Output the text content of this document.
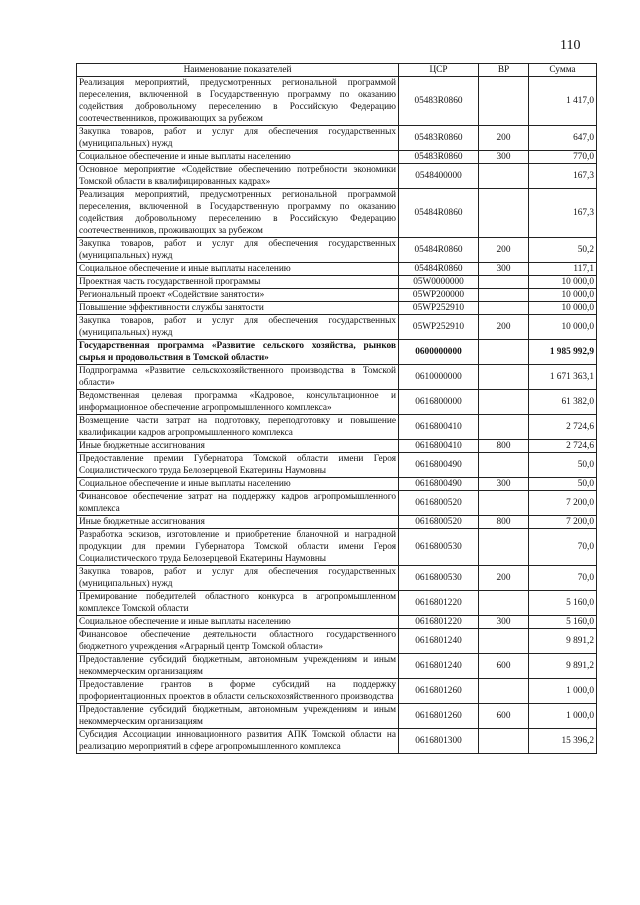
110
Наименование показателей	ЦСР	ВР	Сумма
Реализация мероприятий, предусмотренных региональной программой переселения, включенной в Государственную программу по оказанию содействия добровольному переселению в Российскую Федерацию соотечественников, проживающих за рубежом	05483R0860		1 417,0
Закупка товаров, работ и услуг для обеспечения государственных (муниципальных) нужд	05483R0860	200	647,0
Социальное обеспечение и иные выплаты населению	05483R0860	300	770,0
Основное мероприятие «Содействие обеспечению потребности экономики Томской области в квалифицированных кадрах»	0548400000		167,3
Реализация мероприятий, предусмотренных региональной программой переселения, включенной в Государственную программу по оказанию содействия добровольному переселению в Российскую Федерацию соотечественников, проживающих за рубежом	05484R0860		167,3
Закупка товаров, работ и услуг для обеспечения государственных (муниципальных) нужд	05484R0860	200	50,2
Социальное обеспечение и иные выплаты населению	05484R0860	300	117,1
Проектная часть государственной программы	05W0000000		10 000,0
Региональный проект «Содействие занятости»	05WP200000		10 000,0
Повышение эффективности службы занятости	05WP252910		10 000,0
Закупка товаров, работ и услуг для обеспечения государственных (муниципальных) нужд	05WP252910	200	10 000,0
Государственная программа «Развитие сельского хозяйства, рынков сырья и продовольствия в Томской области»	0600000000		1 985 992,9
Подпрограмма «Развитие сельскохозяйственного производства в Томской области»	0610000000		1 671 363,1
Ведомственная целевая программа «Кадровое, консультационное и информационное обеспечение агропромышленного комплекса»	0616800000		61 382,0
Возмещение части затрат на подготовку, переподготовку и повышение квалификации кадров агропромышленного комплекса	0616800410		2 724,6
Иные бюджетные ассигнования	0616800410	800	2 724,6
Предоставление премии Губернатора Томской области имени Героя Социалистического труда Белозерцевой Екатерины Наумовны	0616800490		50,0
Социальное обеспечение и иные выплаты населению	0616800490	300	50,0
Финансовое обеспечение затрат на поддержку кадров агропромышленного комплекса	0616800520		7 200,0
Иные бюджетные ассигнования	0616800520	800	7 200,0
Разработка эскизов, изготовление и приобретение бланочной и наградной продукции для премии Губернатора Томской области имени Героя Социалистического труда Белозерцевой Екатерины Наумовны	0616800530		70,0
Закупка товаров, работ и услуг для обеспечения государственных (муниципальных) нужд	0616800530	200	70,0
Премирование победителей областного конкурса в агропромышленном комплексе Томской области	0616801220		5 160,0
Социальное обеспечение и иные выплаты населению	0616801220	300	5 160,0
Финансовое обеспечение деятельности областного государственного бюджетного учреждения «Аграрный центр Томской области»	0616801240		9 891,2
Предоставление субсидий бюджетным, автономным учреждениям и иным некоммерческим организациям	0616801240	600	9 891,2
Предоставление грантов в форме субсидий на поддержку профориентационных проектов в области сельскохозяйственного производства	0616801260		1 000,0
Предоставление субсидий бюджетным, автономным учреждениям и иным некоммерческим организациям	0616801260	600	1 000,0
Субсидия Ассоциации инновационного развития АПК Томской области на реализацию мероприятий в сфере агропромышленного комплекса	0616801300		15 396,2
